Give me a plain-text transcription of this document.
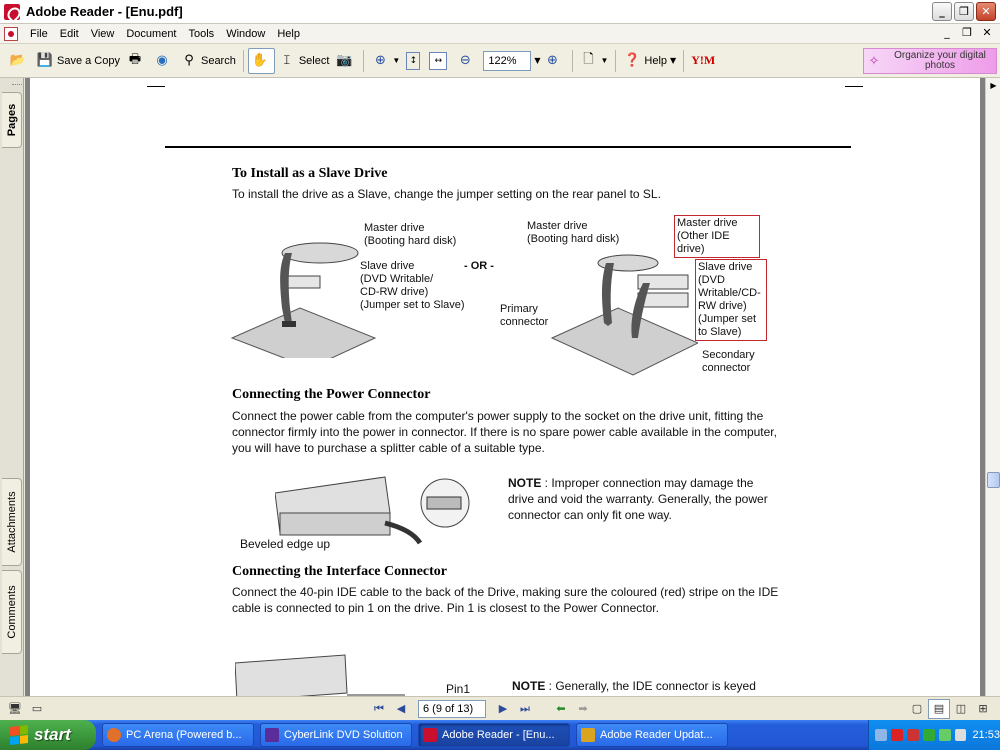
Adobe Reader - [Enu.pdf]	_	❐	✕
File	Edit	View	Document	Tools	Window	Help	_	❐ ✕
📂 💾 Save a Copy 🖶 ◉	⚲ Search ✋	𝙸 Select 📷 ⊕ ▼	↕	↔	⊖	122%	▼ ⊕ 🗋 ▼ ❓ Help ▼ Y!M	✧	Organize your digital photos
Pages
Attachments
Comments
To Install as a Slave Drive
To install the drive as a Slave, change the jumper setting on the rear panel to SL.
Master drive
(Booting hard disk)
Slave drive
(DVD Writable/
CD-RW drive)
(Jumper set to Slave)
- OR -
Master drive
(Booting hard disk)
Master drive
(Other IDE drive)
Slave drive
(DVD
Writable/CD-
RW drive)
(Jumper set
to Slave)
Primary
connector
Secondary
connector
Connecting the Power Connector
Connect the power cable from the computer's power supply to the socket on the drive unit, fitting the connector firmly into the power in connector. If there is no spare power cable available in the computer, you will have to purchase a splitter cable of a suitable type.
Beveled edge up
NOTE : Improper connection may damage the drive and void the warranty. Generally, the power connector can only fit one way.
Connecting the Interface Connector
Connect the 40-pin IDE cable to the back of the Drive, making sure the coloured (red) stripe on the IDE cable is connected to pin 1 on the drive. Pin 1 is closest to the Power Connector.
Pin1	NOTE : Generally, the IDE connector is keyed
▶
🖥 ▭	⏮	◀	6 (9 of 13)	▶	⏭	⬅	➡	▢	▤	◫	⊞
start	PC Arena (Powered b...	CyberLink DVD Solution	Adobe Reader - [Enu...	Adobe Reader Updat...	21:53
